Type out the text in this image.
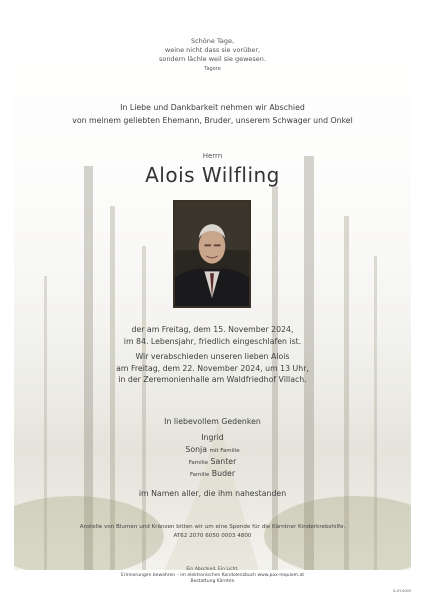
Schöne Tage,
weine nicht dass sie vorüber,
sondern lächle weil sie gewesen.
Tagore
In Liebe und Dankbarkeit nehmen wir Abschied
von meinem geliebten Ehemann, Bruder, unserem Schwager und Onkel
Herrn
Alois Wilfling
der am Freitag, dem 15. November 2024,
im 84. Lebensjahr, friedlich eingeschlafen ist.
Wir verabschieden unseren lieben Alois
am Freitag, dem 22. November 2024, um 13 Uhr,
in der Zeremonienhalle am Waldfriedhof Villach.
In liebevollem Gedenken
Ingrid
Sonja mit Familie
Familie Santer
Familie Buder
im Namen aller, die ihm nahestanden
Anstelle von Blumen und Kränzen bitten wir um eine Spende für die Kärntner Kinderkrebshilfe.
AT62 2070 6050 0003 4800
Ein Abschied. Ein Licht.
Erinnerungen bewahren – im elektronischen Kondolenzbuch www.pax-requiem.at
Bestattung Kärnten
D-XY-0000
